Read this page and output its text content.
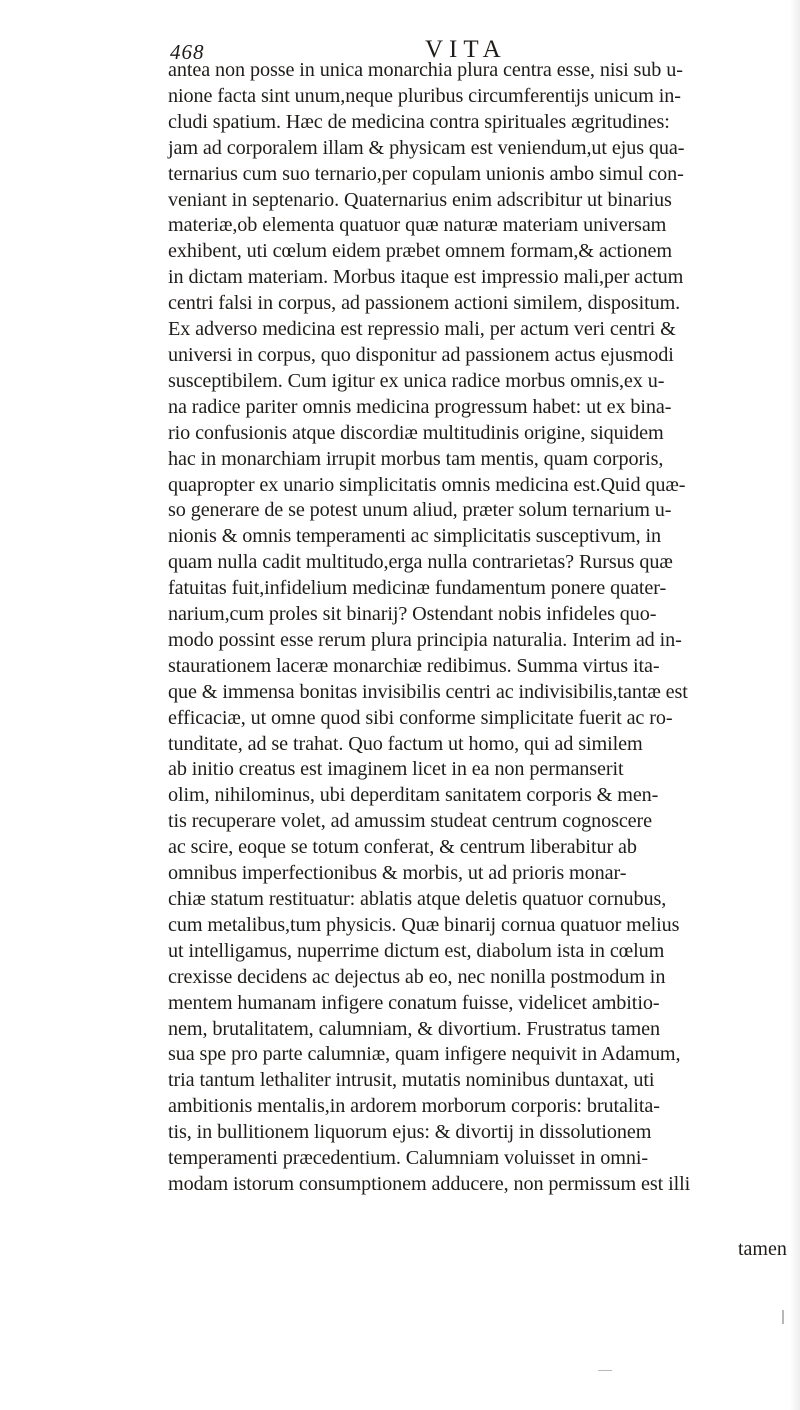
468	VITA
antea non posse in unica monarchia plura centra esse, nisi sub u-
nione facta sint unum,neque pluribus circumferentijs unicum in-
cludi spatium. Hæc de medicina contra spirituales ægritudines:
jam ad corporalem illam & physicam est veniendum,ut ejus qua-
ternarius cum suo ternario,per copulam unionis ambo simul con-
veniant in septenario. Quaternarius enim adscribitur ut binarius
materiæ,ob elementa quatuor quæ naturæ materiam universam
exhibent, uti cœlum eidem præbet omnem formam,& actionem
in dictam materiam. Morbus itaque est impressio mali,per actum
centri falsi in corpus, ad passionem actioni similem, dispositum.
Ex adverso medicina est repressio mali, per actum veri centri &
universi in corpus, quo disponitur ad passionem actus ejusmodi
susceptibilem. Cum igitur ex unica radice morbus omnis,ex u-
na radice pariter omnis medicina progressum habet: ut ex bina-
rio confusionis atque discordiæ multitudinis origine, siquidem
hac in monarchiam irrupit morbus tam mentis, quam corporis,
quapropter ex unario simplicitatis omnis medicina est.Quid quæ-
so generare de se potest unum aliud, præter solum ternarium u-
nionis & omnis temperamenti ac simplicitatis susceptivum, in
quam nulla cadit multitudo,erga nulla contrarietas? Rursus quæ
fatuitas fuit,infidelium medicinæ fundamentum ponere quater-
narium,cum proles sit binarij? Ostendant nobis infideles quo-
modo possint esse rerum plura principia naturalia. Interim ad in-
staurationem laceræ monarchiæ redibimus. Summa virtus ita-
que & immensa bonitas invisibilis centri ac indivisibilis,tantæ est
efficaciæ, ut omne quod sibi conforme simplicitate fuerit ac ro-
tunditate, ad se trahat. Quo factum ut homo, qui ad similem
ab initio creatus est imaginem licet in ea non permanserit
olim, nihilominus, ubi deperditam sanitatem corporis & men-
tis recuperare volet, ad amussim studeat centrum cognoscere
ac scire, eoque se totum conferat, & centrum liberabitur ab
omnibus imperfectionibus & morbis, ut ad prioris monar-
chiæ statum restituatur: ablatis atque deletis quatuor cornubus,
cum metalibus,tum physicis. Quæ binarij cornua quatuor melius
ut intelligamus, nuperrime dictum est, diabolum ista in cœlum
crexisse decidens ac dejectus ab eo, nec nonilla postmodum in
mentem humanam infigere conatum fuisse, videlicet ambitio-
nem, brutalitatem, calumniam, & divortium. Frustratus tamen
sua spe pro parte calumniæ, quam infigere nequivit in Adamum,
tria tantum lethaliter intrusit, mutatis nominibus duntaxat, uti
ambitionis mentalis,in ardorem morborum corporis: brutalita-
tis, in bullitionem liquorum ejus: & divortij in dissolutionem
temperamenti præcedentium. Calumniam voluisset in omni-
modam istorum consumptionem adducere, non permissum est illi
tamen
